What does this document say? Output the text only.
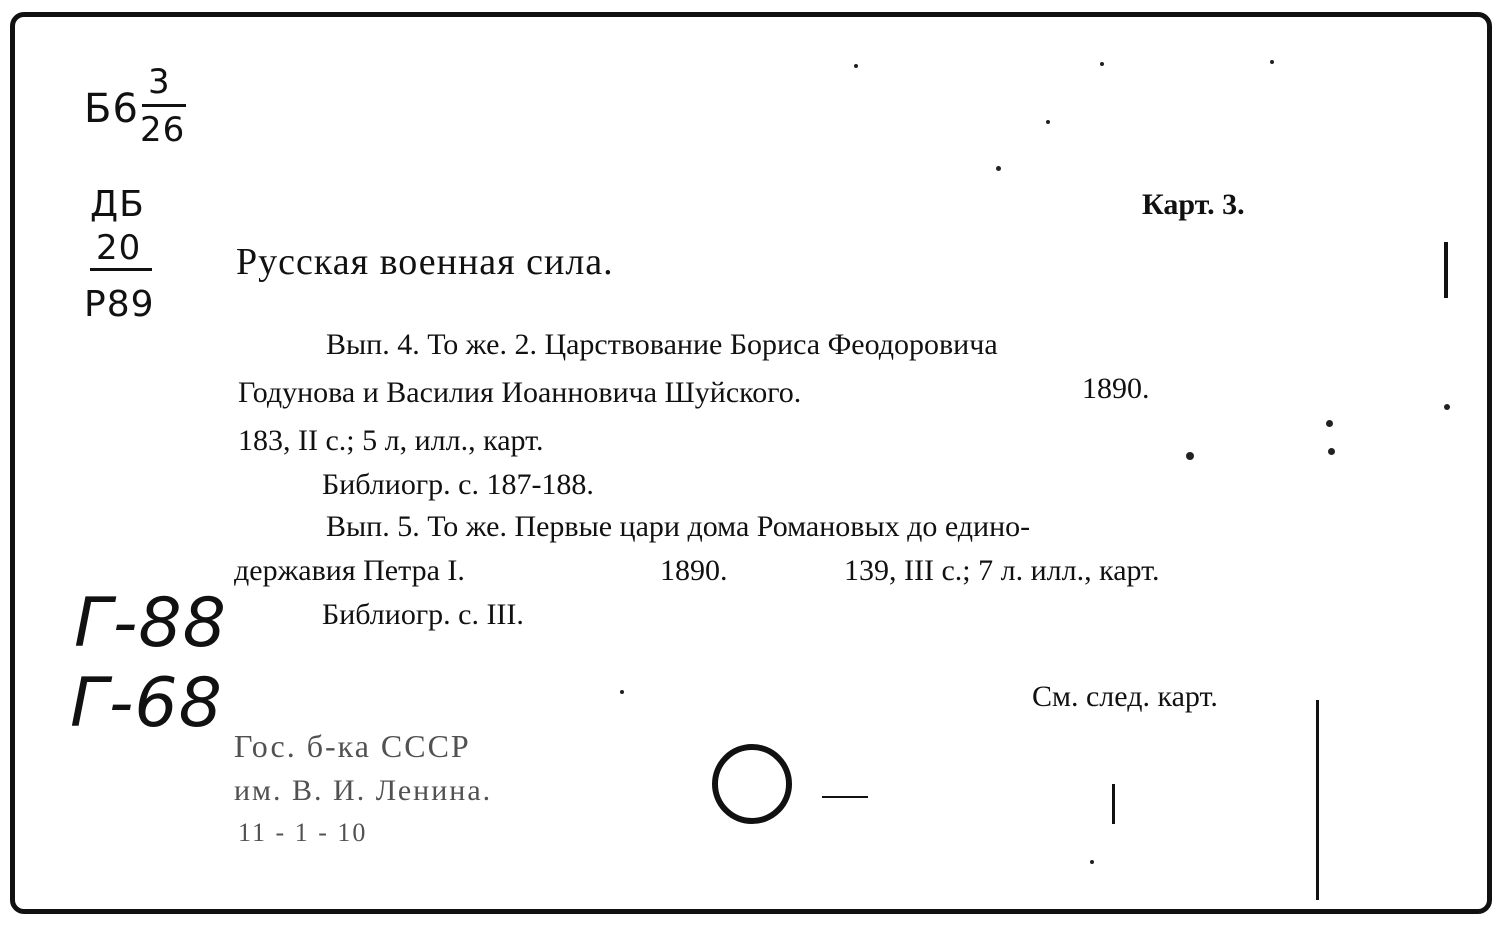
Б6
3
26
ДБ
20
P89
Карт. 3.
Русская военная сила.
Вып. 4. То же. 2. Царствование Бориса Феодоровича
Годунова и Василия Иоанновича Шуйского.	1890.
183, II с.; 5 л, илл., карт.
Библиогр. с. 187-188.
Вып. 5. То же. Первые цари дома Романовых до едино-
державия Петра I.	1890.	139, III с.; 7 л. илл., карт.
Библиогр. с. III.
Г-88
Г-68	См. след. карт.
Гос. б-ка СССР
им. В. И. Ленина.
11 - 1 - 10
